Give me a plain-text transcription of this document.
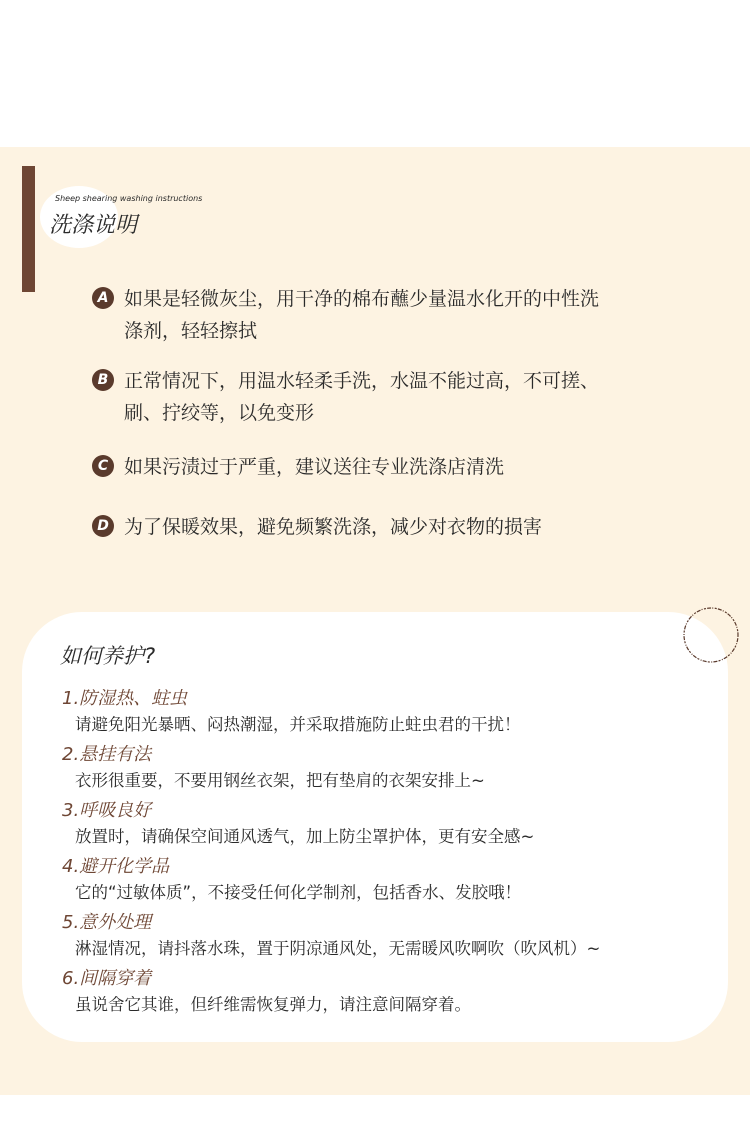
Sheep shearing washing instructions
洗涤说明
A 如果是轻微灰尘，用干净的棉布蘸少量温水化开的中性洗
涤剂，轻轻擦拭
B 正常情况下，用温水轻柔手洗，水温不能过高，不可搓、
刷、拧绞等，以免变形
C 如果污渍过于严重，建议送往专业洗涤店清洗
D 为了保暖效果，避免频繁洗涤，减少对衣物的损害
如何养护?
1.防湿热、蛀虫
请避免阳光暴晒、闷热潮湿，并采取措施防止蛀虫君的干扰！
2.悬挂有法
衣形很重要，不要用钢丝衣架，把有垫肩的衣架安排上~
3.呼吸良好
放置时，请确保空间通风透气，加上防尘罩护体，更有安全感~
4.避开化学品
它的“过敏体质”，不接受任何化学制剂，包括香水、发胶哦！
5.意外处理
淋湿情况，请抖落水珠，置于阴凉通风处，无需暖风吹啊吹（吹风机）~
6.间隔穿着
虽说舍它其谁，但纤维需恢复弹力，请注意间隔穿着。
